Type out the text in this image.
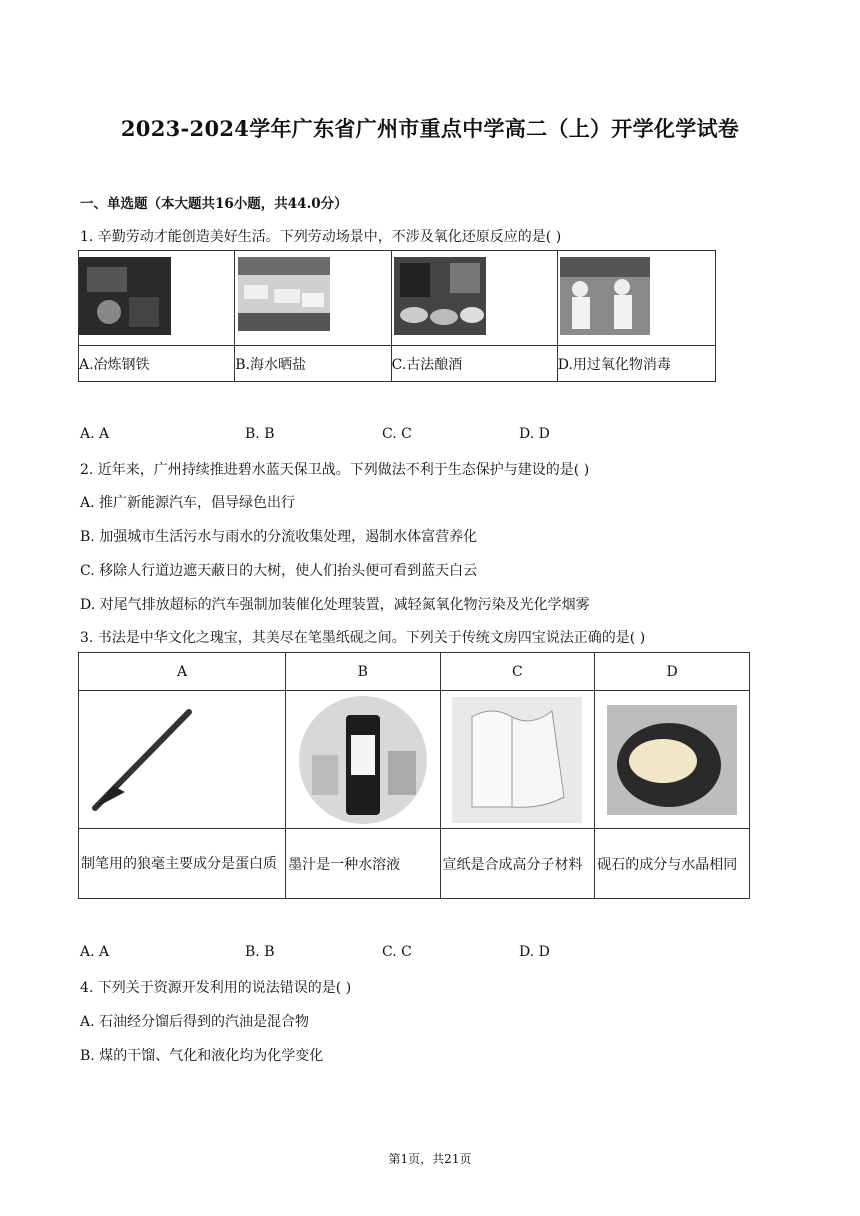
2023-2024学年广东省广州市重点中学高二（上）开学化学试卷
一、单选题（本大题共16小题，共44.0分）
1. 辛勤劳动才能创造美好生活。下列劳动场景中，不涉及氧化还原反应的是( )

A.冶炼钢铁	B.海水晒盐	C.古法酿酒	D.用过氧化物消毒
A. A	B. B	C. C	D. D
2. 近年来，广州持续推进碧水蓝天保卫战。下列做法不利于生态保护与建设的是( )
A. 推广新能源汽车，倡导绿色出行
B. 加强城市生活污水与雨水的分流收集处理，遏制水体富营养化
C. 移除人行道边遮天蔽日的大树，使人们抬头便可看到蓝天白云
D. 对尾气排放超标的汽车强制加装催化处理装置，减轻氮氧化物污染及光化学烟雾
3. 书法是中华文化之瑰宝，其美尽在笔墨纸砚之间。下列关于传统文房四宝说法正确的是( )
A	B	C	D

制笔用的狼毫主要成分是蛋白质	墨汁是一种水溶液	宣纸是合成高分子材料	砚石的成分与水晶相同
A. A	B. B	C. C	D. D
4. 下列关于资源开发利用的说法错误的是( )
A. 石油经分馏后得到的汽油是混合物
B. 煤的干馏、气化和液化均为化学变化
第1页，共21页
